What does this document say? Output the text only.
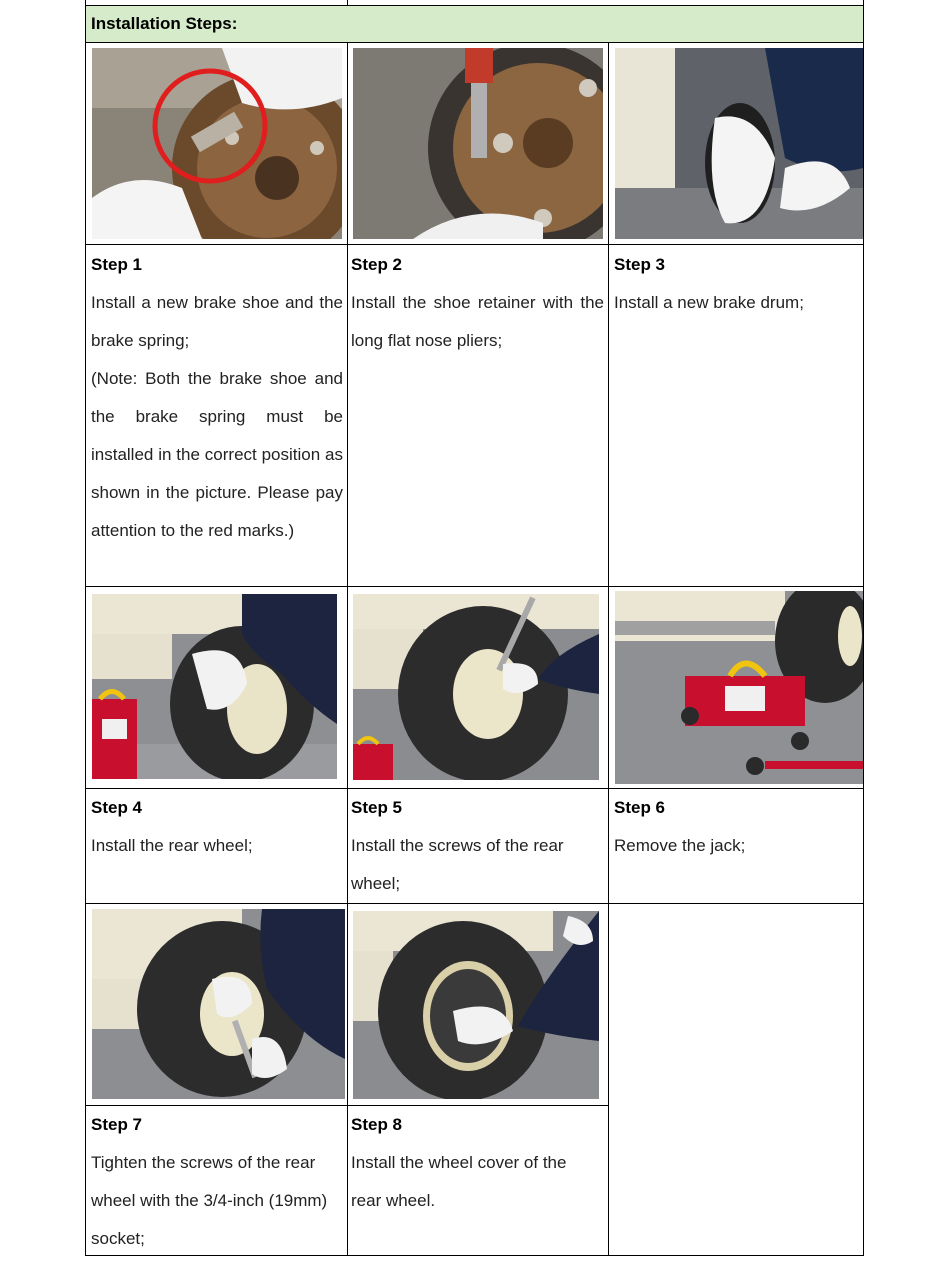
Installation Steps:

Step 1

Install a new brake shoe and the brake spring;

(Note: Both the brake shoe and the brake spring must be installed in the correct position as shown in the picture. Please pay attention to the red marks.)

Step 2

Install the shoe retainer with the long flat nose pliers;

Step 3

Install a new brake drum;

Step 4

Install the rear wheel;

Step 5

Install the screws of the rear wheel;

Step 6

Remove the jack;

Step 7

Tighten the screws of the rear wheel with the 3/4-inch (19mm) socket;

Step 8

Install the wheel cover of the rear wheel.
